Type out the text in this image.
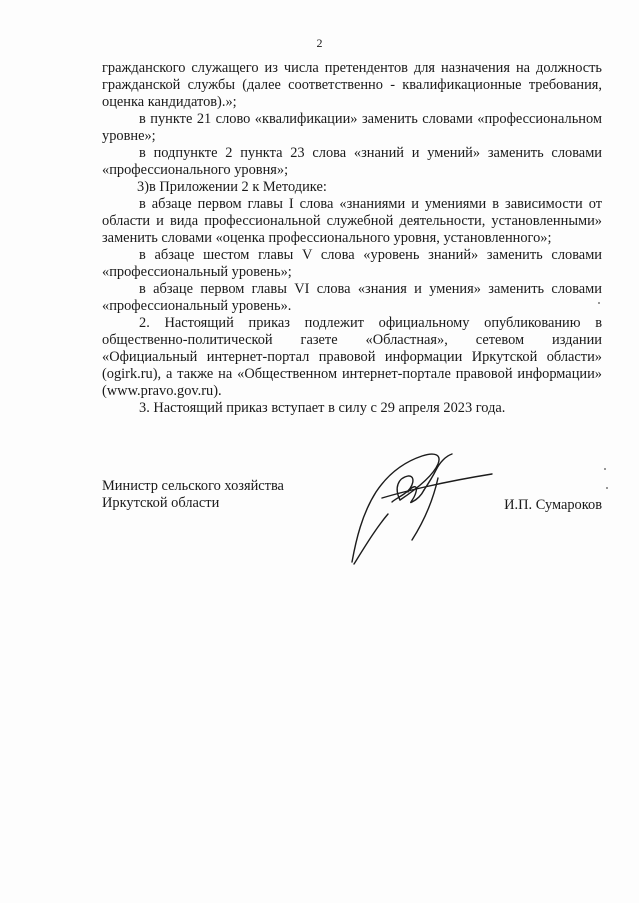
2

гражданского служащего из числа претендентов для назначения на должность гражданской службы (далее соответственно - квалификационные требования, оценка кандидатов).»;

в пункте 21 слово «квалификации» заменить словами «профессиональном уровне»;

в подпункте 2 пункта 23 слова «знаний и умений» заменить словами «профессионального уровня»;

3)в Приложении 2 к Методике:

в абзаце первом главы I слова «знаниями и умениями в зависимости от области и вида профессиональной служебной деятельности, установленными» заменить словами «оценка профессионального уровня, установленного»;

в абзаце шестом главы V слова «уровень знаний» заменить словами «профессиональный уровень»;

в абзаце первом главы VI слова «знания и умения» заменить словами «профессиональный уровень».

2. Настоящий приказ подлежит официальному опубликованию в общественно-политической газете «Областная», сетевом издании «Официальный интернет-портал правовой информации Иркутской области» (ogirk.ru), а также на «Общественном интернет-портале правовой информации» (www.pravo.gov.ru).

3. Настоящий приказ вступает в силу с 29 апреля 2023 года.

Министр сельского хозяйства
Иркутской области	И.П. Сумароков
